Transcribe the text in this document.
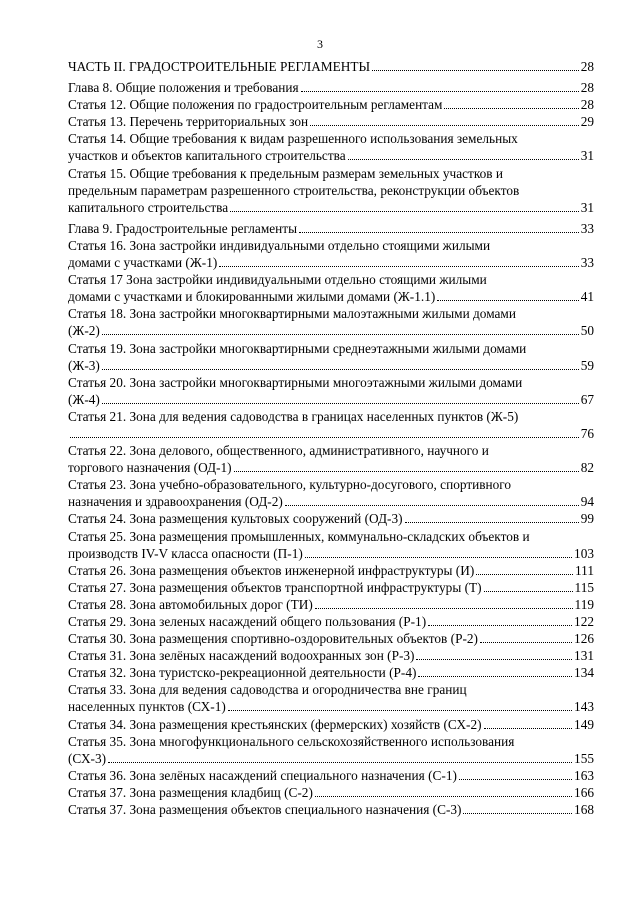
3
ЧАСТЬ II. ГРАДОСТРОИТЕЛЬНЫЕ РЕГЛАМЕНТЫ	28
Глава 8. Общие положения и требования	28
Статья 12. Общие положения по градостроительным регламентам	28
Статья 13. Перечень территориальных зон	29
Статья 14. Общие требования к видам разрешенного использования земельных
участков и объектов капитального строительства	31
Статья 15. Общие требования к предельным размерам земельных участков и
предельным параметрам разрешенного строительства, реконструкции объектов
капитального строительства	31
Глава 9. Градостроительные регламенты	33
Статья 16. Зона застройки индивидуальными отдельно стоящими жилыми
домами с участками (Ж-1)	33
Статья 17 Зона застройки индивидуальными отдельно стоящими жилыми
домами с участками и блокированными жилыми домами (Ж-1.1)	41
Статья 18. Зона застройки многоквартирными малоэтажными жилыми домами
(Ж-2)	50
Статья 19. Зона застройки многоквартирными среднеэтажными жилыми домами
(Ж-3)	59
Статья 20. Зона застройки многоквартирными многоэтажными жилыми домами
(Ж-4)	67
Статья 21. Зона для ведения садоводства в границах населенных пунктов (Ж-5)
76
Статья 22. Зона делового, общественного, административного, научного и
торгового назначения (ОД-1)	82
Статья 23. Зона учебно-образовательного, культурно-досугового, спортивного
назначения и здравоохранения (ОД-2)	94
Статья 24. Зона размещения культовых сооружений (ОД-3)	99
Статья 25. Зона размещения промышленных, коммунально-складских объектов и
производств IV-V класса опасности (П-1)	103
Статья 26. Зона размещения объектов инженерной инфраструктуры (И)	111
Статья 27. Зона размещения объектов транспортной инфраструктуры (Т)	115
Статья 28. Зона автомобильных дорог (ТИ)	119
Статья 29. Зона зеленых насаждений общего пользования (Р-1)	122
Статья 30. Зона размещения спортивно-оздоровительных объектов (Р-2)	126
Статья 31. Зона зелёных насаждений водоохранных зон (Р-3)	131
Статья 32. Зона туристско-рекреационной деятельности (Р-4)	134
Статья 33. Зона для ведения садоводства и огородничества вне границ
населенных пунктов (СХ-1)	143
Статья 34. Зона размещения крестьянских (фермерских) хозяйств (СХ-2)	149
Статья 35. Зона многофункционального сельскохозяйственного использования
(СХ-3)	155
Статья 36. Зона зелёных насаждений специального назначения (С-1)	163
Статья 37. Зона размещения кладбищ (С-2)	166
Статья 37. Зона размещения объектов специального назначения (С-3)	168
